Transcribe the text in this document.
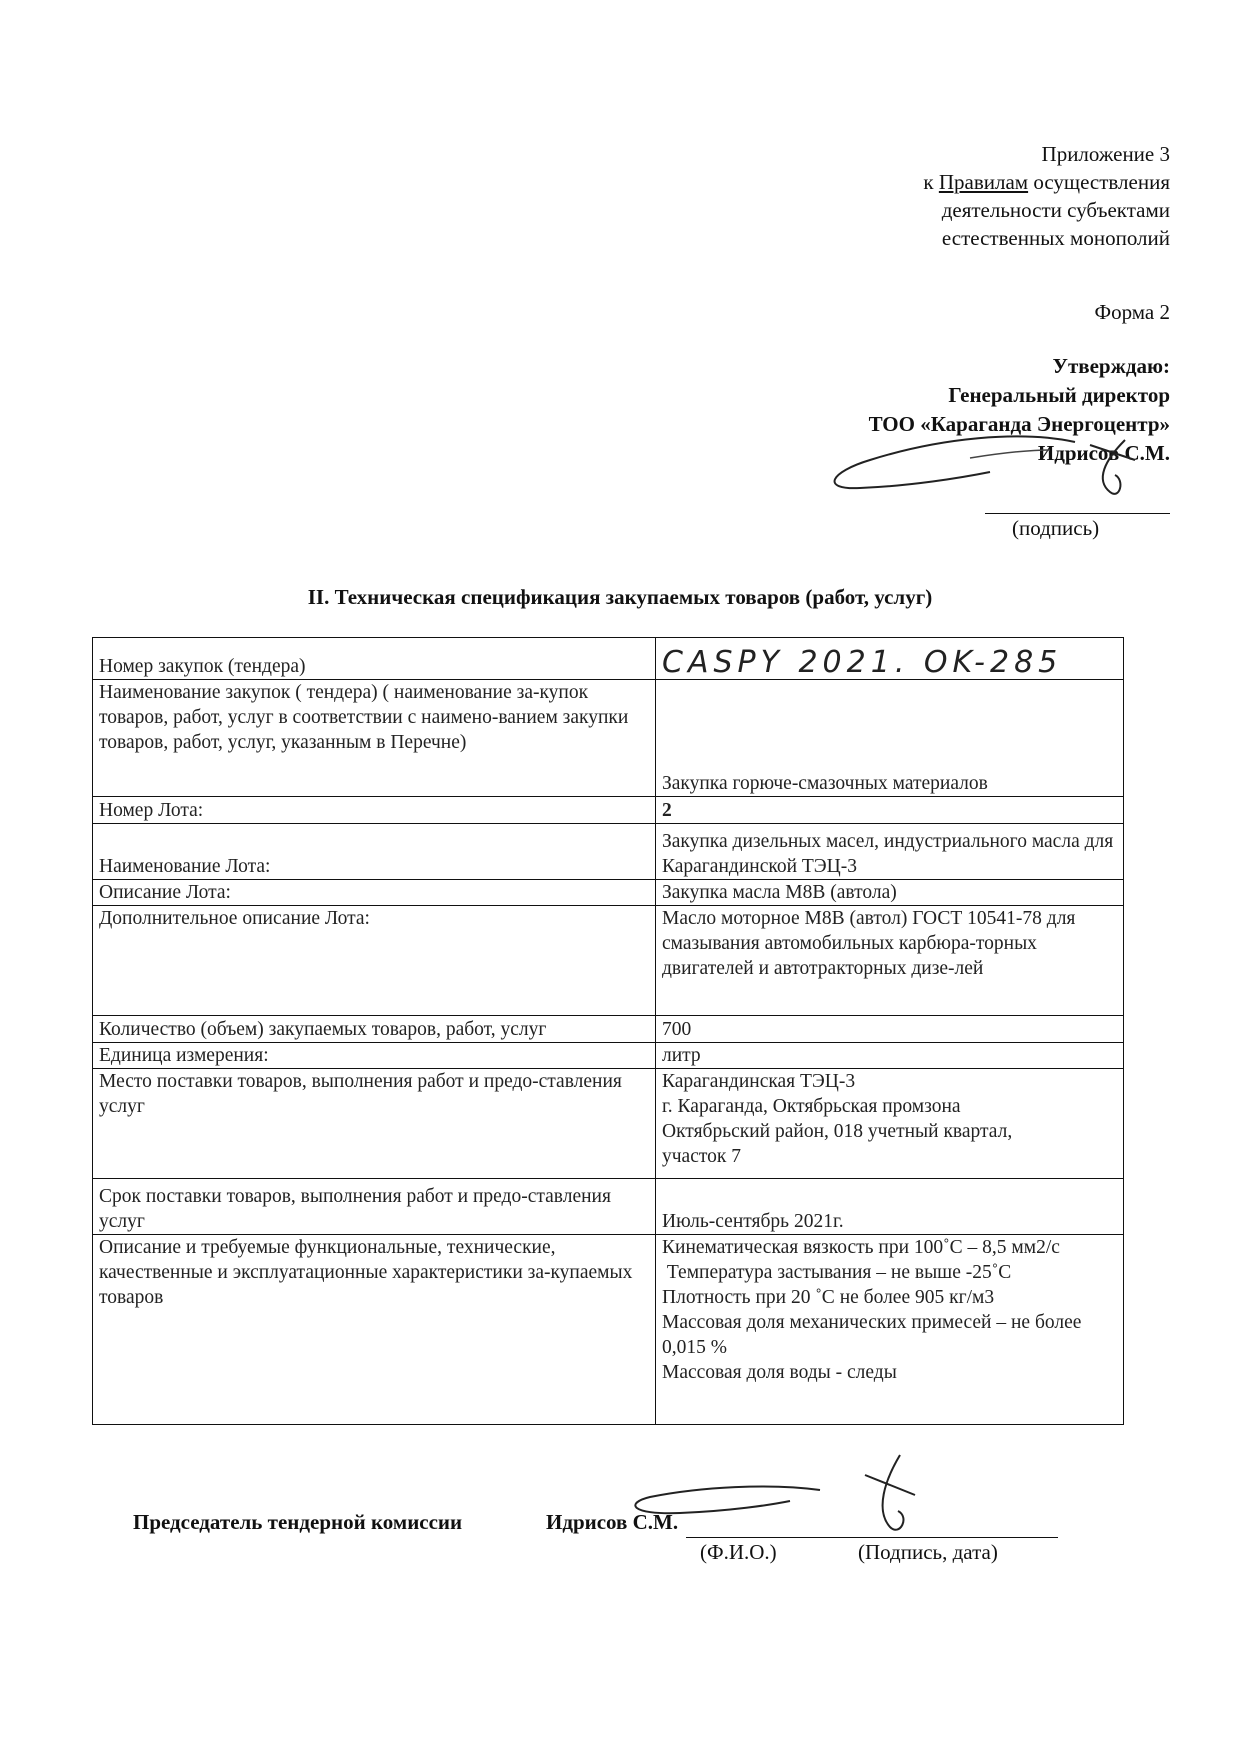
Приложение 3
к Правилам осуществления
деятельности субъектами
естественных монополий
Форма 2
Утверждаю:
Генеральный директор
ТОО «Караганда Энергоцентр»
Идрисов С.М.
(подпись)
II. Техническая спецификация закупаемых товаров (работ, услуг)
Номер закупок (тендера)	CASPY 2021. OK-285
Наименование закупок ( тендера) ( наименование за-купок товаров, работ, услуг в соответствии с наимено-ванием закупки товаров, работ, услуг, указанным в Перечне)	Закупка горюче-смазочных материалов
Номер Лота:	2
Наименование Лота:	Закупка дизельных масел, индустриального масла для Карагандинской ТЭЦ-3
Описание Лота:	Закупка масла М8В (автола)
Дополнительное описание Лота:	Масло моторное М8В (автол) ГОСТ 10541-78 для смазывания автомобильных карбюра-торных двигателей и автотракторных дизе-лей
Количество (объем) закупаемых товаров, работ, услуг	700
Единица измерения:	литр
Место поставки товаров, выполнения работ и предо-ставления услуг	Карагандинская ТЭЦ-3
г. Караганда, Октябрьская промзона
Октябрьский район, 018 учетный квартал,
участок 7

Срок поставки товаров, выполнения работ и предо-ставления услуг	Июль-сентябрь 2021г.
Описание и требуемые функциональные, технические, качественные и эксплуатационные характеристики за-купаемых товаров	Кинематическая вязкость при 100˚С – 8,5 мм2/с
Температура застывания – не выше -25˚С
Плотность при 20 ˚С не более 905 кг/м3
Массовая доля механических примесей – не более 0,015 %
Массовая доля воды - следы
Председатель тендерной комиссии	Идрисов С.М.
(Ф.И.О.)	(Подпись, дата)
